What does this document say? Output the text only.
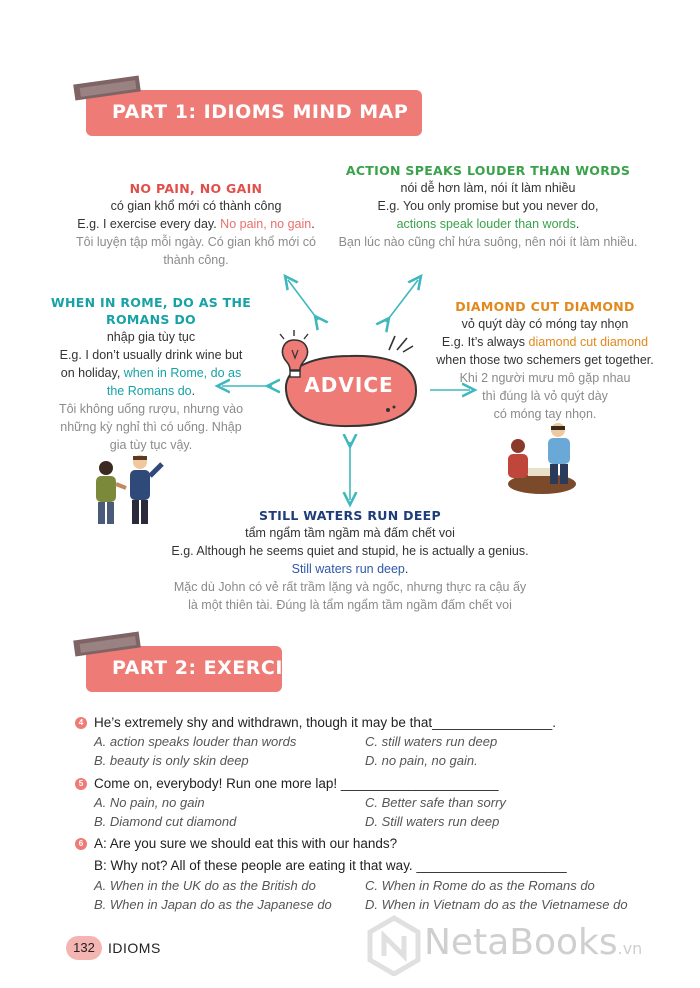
PART 1: IDIOMS MIND MAP
ADVICE
NO PAIN, NO GAIN
có gian khổ mới có thành công
E.g. I exercise every day. No pain, no gain.
Tôi luyện tập mỗi ngày. Có gian khổ mới có
thành công.
ACTION SPEAKS LOUDER THAN WORDS
nói dễ hơn làm, nói ít làm nhiều
E.g. You only promise but you never do,
actions speak louder than words.
Bạn lúc nào cũng chỉ hứa suông, nên nói ít làm nhiều.
WHEN IN ROME, DO AS THE
ROMANS DO
nhập gia tùy tục
E.g. I don’t usually drink wine but
on holiday, when in Rome, do as
the Romans do.
Tôi không uống rượu, nhưng vào
những kỳ nghỉ thì có uống. Nhập
gia tùy tục vậy.
DIAMOND CUT DIAMOND
vỏ quýt dày có móng tay nhọn
E.g. It’s always diamond cut diamond
when those two schemers get together.
Khi 2 người mưu mô gặp nhau
thì đúng là vỏ quýt dày
có móng tay nhọn.
STILL WATERS RUN DEEP
tẩm ngẩm tầm ngầm mà đấm chết voi
E.g. Although he seems quiet and stupid, he is actually a genius.
Still waters run deep.
Mặc dù John có vẻ rất trầm lặng và ngốc, nhưng thực ra cậu ấy
là một thiên tài. Đúng là tẩm ngẩm tầm ngầm đấm chết voi
PART 2: EXERCISE
4 He’s extremely shy and withdrawn, though it may be that________________.
A. action speaks louder than words	C. still waters run deep
B. beauty is only skin deep	D. no pain, no gain.
5 Come on, everybody! Run one more lap! _____________________
A. No pain, no gain	C. Better safe than sorry
B. Diamond cut diamond	D. Still waters run deep
6 A: Are you sure we should eat this with our hands?
B: Why not? All of these people are eating it that way. ____________________
A. When in the UK do as the British do	C. When in Rome do as the Romans do
B. When in Japan do as the Japanese do	D. When in Vietnam do as the Vietnamese do
132 IDIOMS	NetaBooks.vn
